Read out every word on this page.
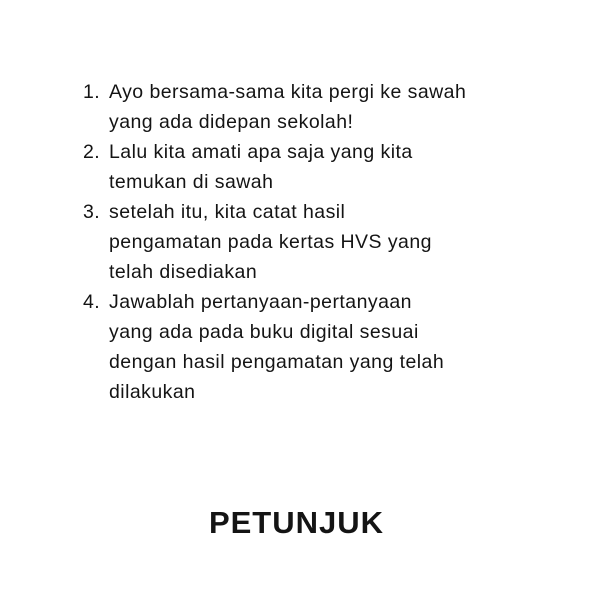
1. Ayo bersama-sama kita pergi ke sawah
yang ada didepan sekolah!
2. Lalu kita amati apa saja yang kita
temukan di sawah
3. setelah itu, kita catat hasil
pengamatan pada kertas HVS yang
telah disediakan
4. Jawablah pertanyaan-pertanyaan
yang ada pada buku digital sesuai
dengan hasil pengamatan yang telah
dilakukan
PETUNJUK
